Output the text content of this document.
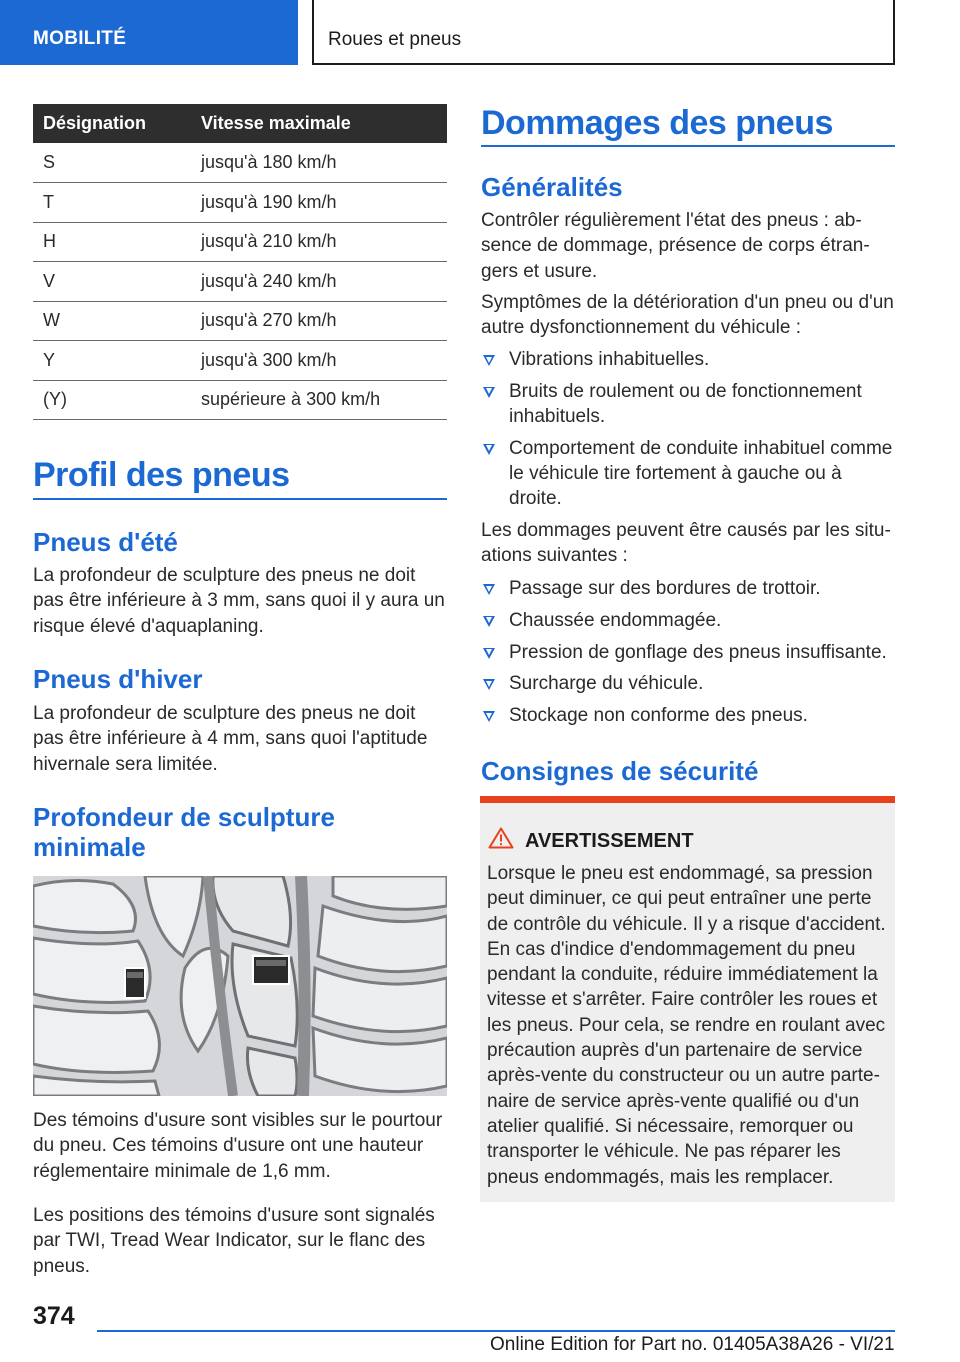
MOBILITÉ	Roues et pneus
Désignation	Vitesse maximale
S	jusqu'à 180 km/h
T	jusqu'à 190 km/h
H	jusqu'à 210 km/h
V	jusqu'à 240 km/h
W	jusqu'à 270 km/h
Y	jusqu'à 300 km/h
(Y)	supérieure à 300 km/h
Profil des pneus
Pneus d'été
La profondeur de sculpture des pneus ne doit pas être inférieure à 3 mm, sans quoi il y aura un risque élevé d'aquaplaning.
Pneus d'hiver
La profondeur de sculpture des pneus ne doit pas être inférieure à 4 mm, sans quoi l'aptitude hivernale sera limitée.
Profondeur de sculpture minimale
Des témoins d'usure sont visibles sur le pourtour du pneu. Ces témoins d'usure ont une hauteur réglementaire minimale de 1,6 mm.
Les positions des témoins d'usure sont signalés par TWI, Tread Wear Indicator, sur le flanc des pneus.
Dommages des pneus
Généralités
Contrôler régulièrement l'état des pneus : absence de dommage, présence de corps étrangers et usure.
Symptômes de la détérioration d'un pneu ou d'un autre dysfonctionnement du véhicule :
Vibrations inhabituelles.
Bruits de roulement ou de fonctionnement inhabituels.
Comportement de conduite inhabituel comme le véhicule tire fortement à gauche ou à droite.
Les dommages peuvent être causés par les situations suivantes :
Passage sur des bordures de trottoir.
Chaussée endommagée.
Pression de gonflage des pneus insuffisante.
Surcharge du véhicule.
Stockage non conforme des pneus.
Consignes de sécurité
AVERTISSEMENT
Lorsque le pneu est endommagé, sa pression peut diminuer, ce qui peut entraîner une perte de contrôle du véhicule. Il y a risque d'accident. En cas d'indice d'endommagement du pneu pendant la conduite, réduire immédiatement la vitesse et s'arrêter. Faire contrôler les roues et les pneus. Pour cela, se rendre en roulant avec précaution auprès d'un partenaire de service après-vente du constructeur ou un autre partenaire de service après-vente qualifié ou d'un atelier qualifié. Si nécessaire, remorquer ou transporter le véhicule. Ne pas réparer les pneus endommagés, mais les remplacer.
374
Online Edition for Part no. 01405A38A26 - VI/21
